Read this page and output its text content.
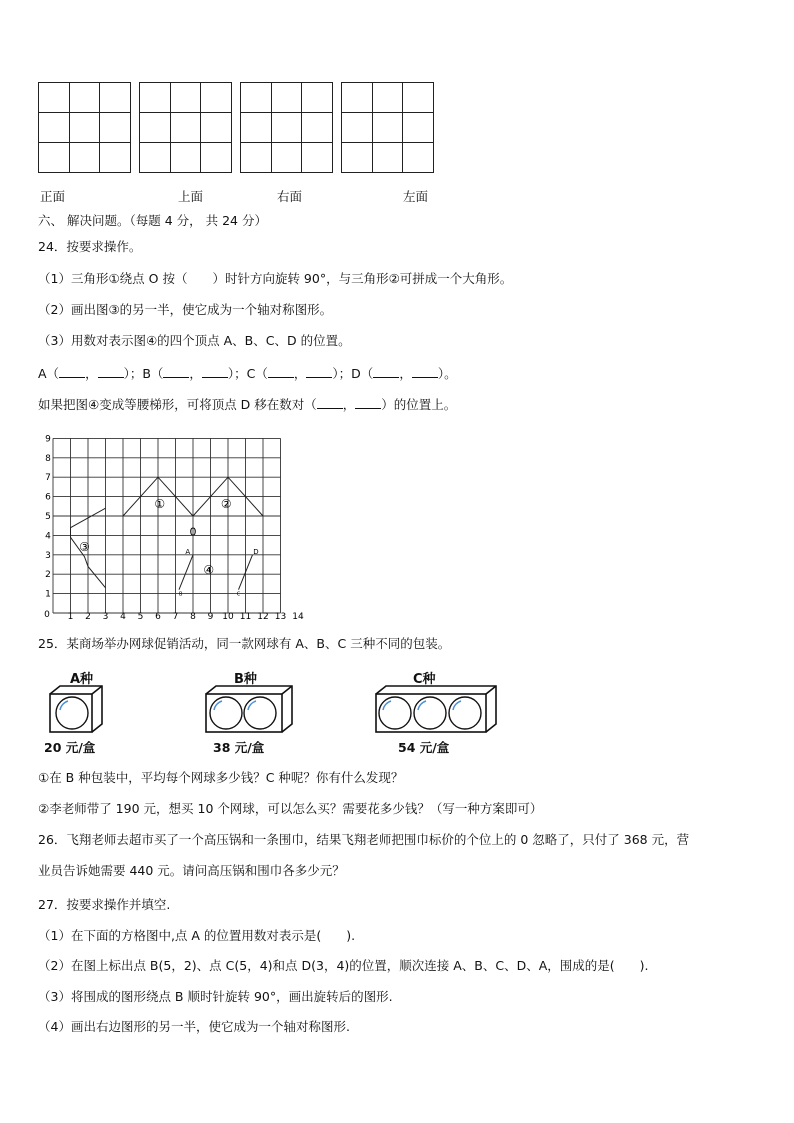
正面	上面	右面	左面
六、 解决问题。（每题 4 分， 共 24 分）
24．按要求操作。
（1）三角形①绕点 O 按（　　）时针方向旋转 90°，与三角形②可拼成一个大角形。
（2）画出图③的另一半，使它成为一个轴对称图形。
（3）用数对表示图④的四个顶点 A、B、C、D 的位置。
A（ ， ）；B（ ， ）；C（ ， ）；D（ ， ）。
如果把图④变成等腰梯形，可将顶点 D 移在数对（ ， ）的位置上。
0 1 2 3 4 5 6 7 8 9 10 11 12 13 14
1
2
3
4
5
6
7
8
9
①	②
③
④
0
A	D
B	C
25．某商场举办网球促销活动，同一款网球有 A、B、C 三种不同的包装。
A种	B种	C种
20 元/盒	38 元/盒	54 元/盒
①在 B 种包装中，平均每个网球多少钱？C 种呢？你有什么发现？
②李老师带了 190 元，想买 10 个网球，可以怎么买？需要花多少钱？（写一种方案即可）
26．飞翔老师去超市买了一个高压锅和一条围巾，结果飞翔老师把围巾标价的个位上的 0 忽略了，只付了 368 元，营
业员告诉她需要 440 元。请问高压锅和围巾各多少元？
27．按要求操作并填空.
（1）在下面的方格图中,点 A 的位置用数对表示是(　　).
（2）在图上标出点 B(5，2)、点 C(5，4)和点 D(3，4)的位置，顺次连接 A、B、C、D、A，围成的是(　　).
（3）将围成的图形绕点 B 顺时针旋转 90°，画出旋转后的图形.
（4）画出右边图形的另一半，使它成为一个轴对称图形.
